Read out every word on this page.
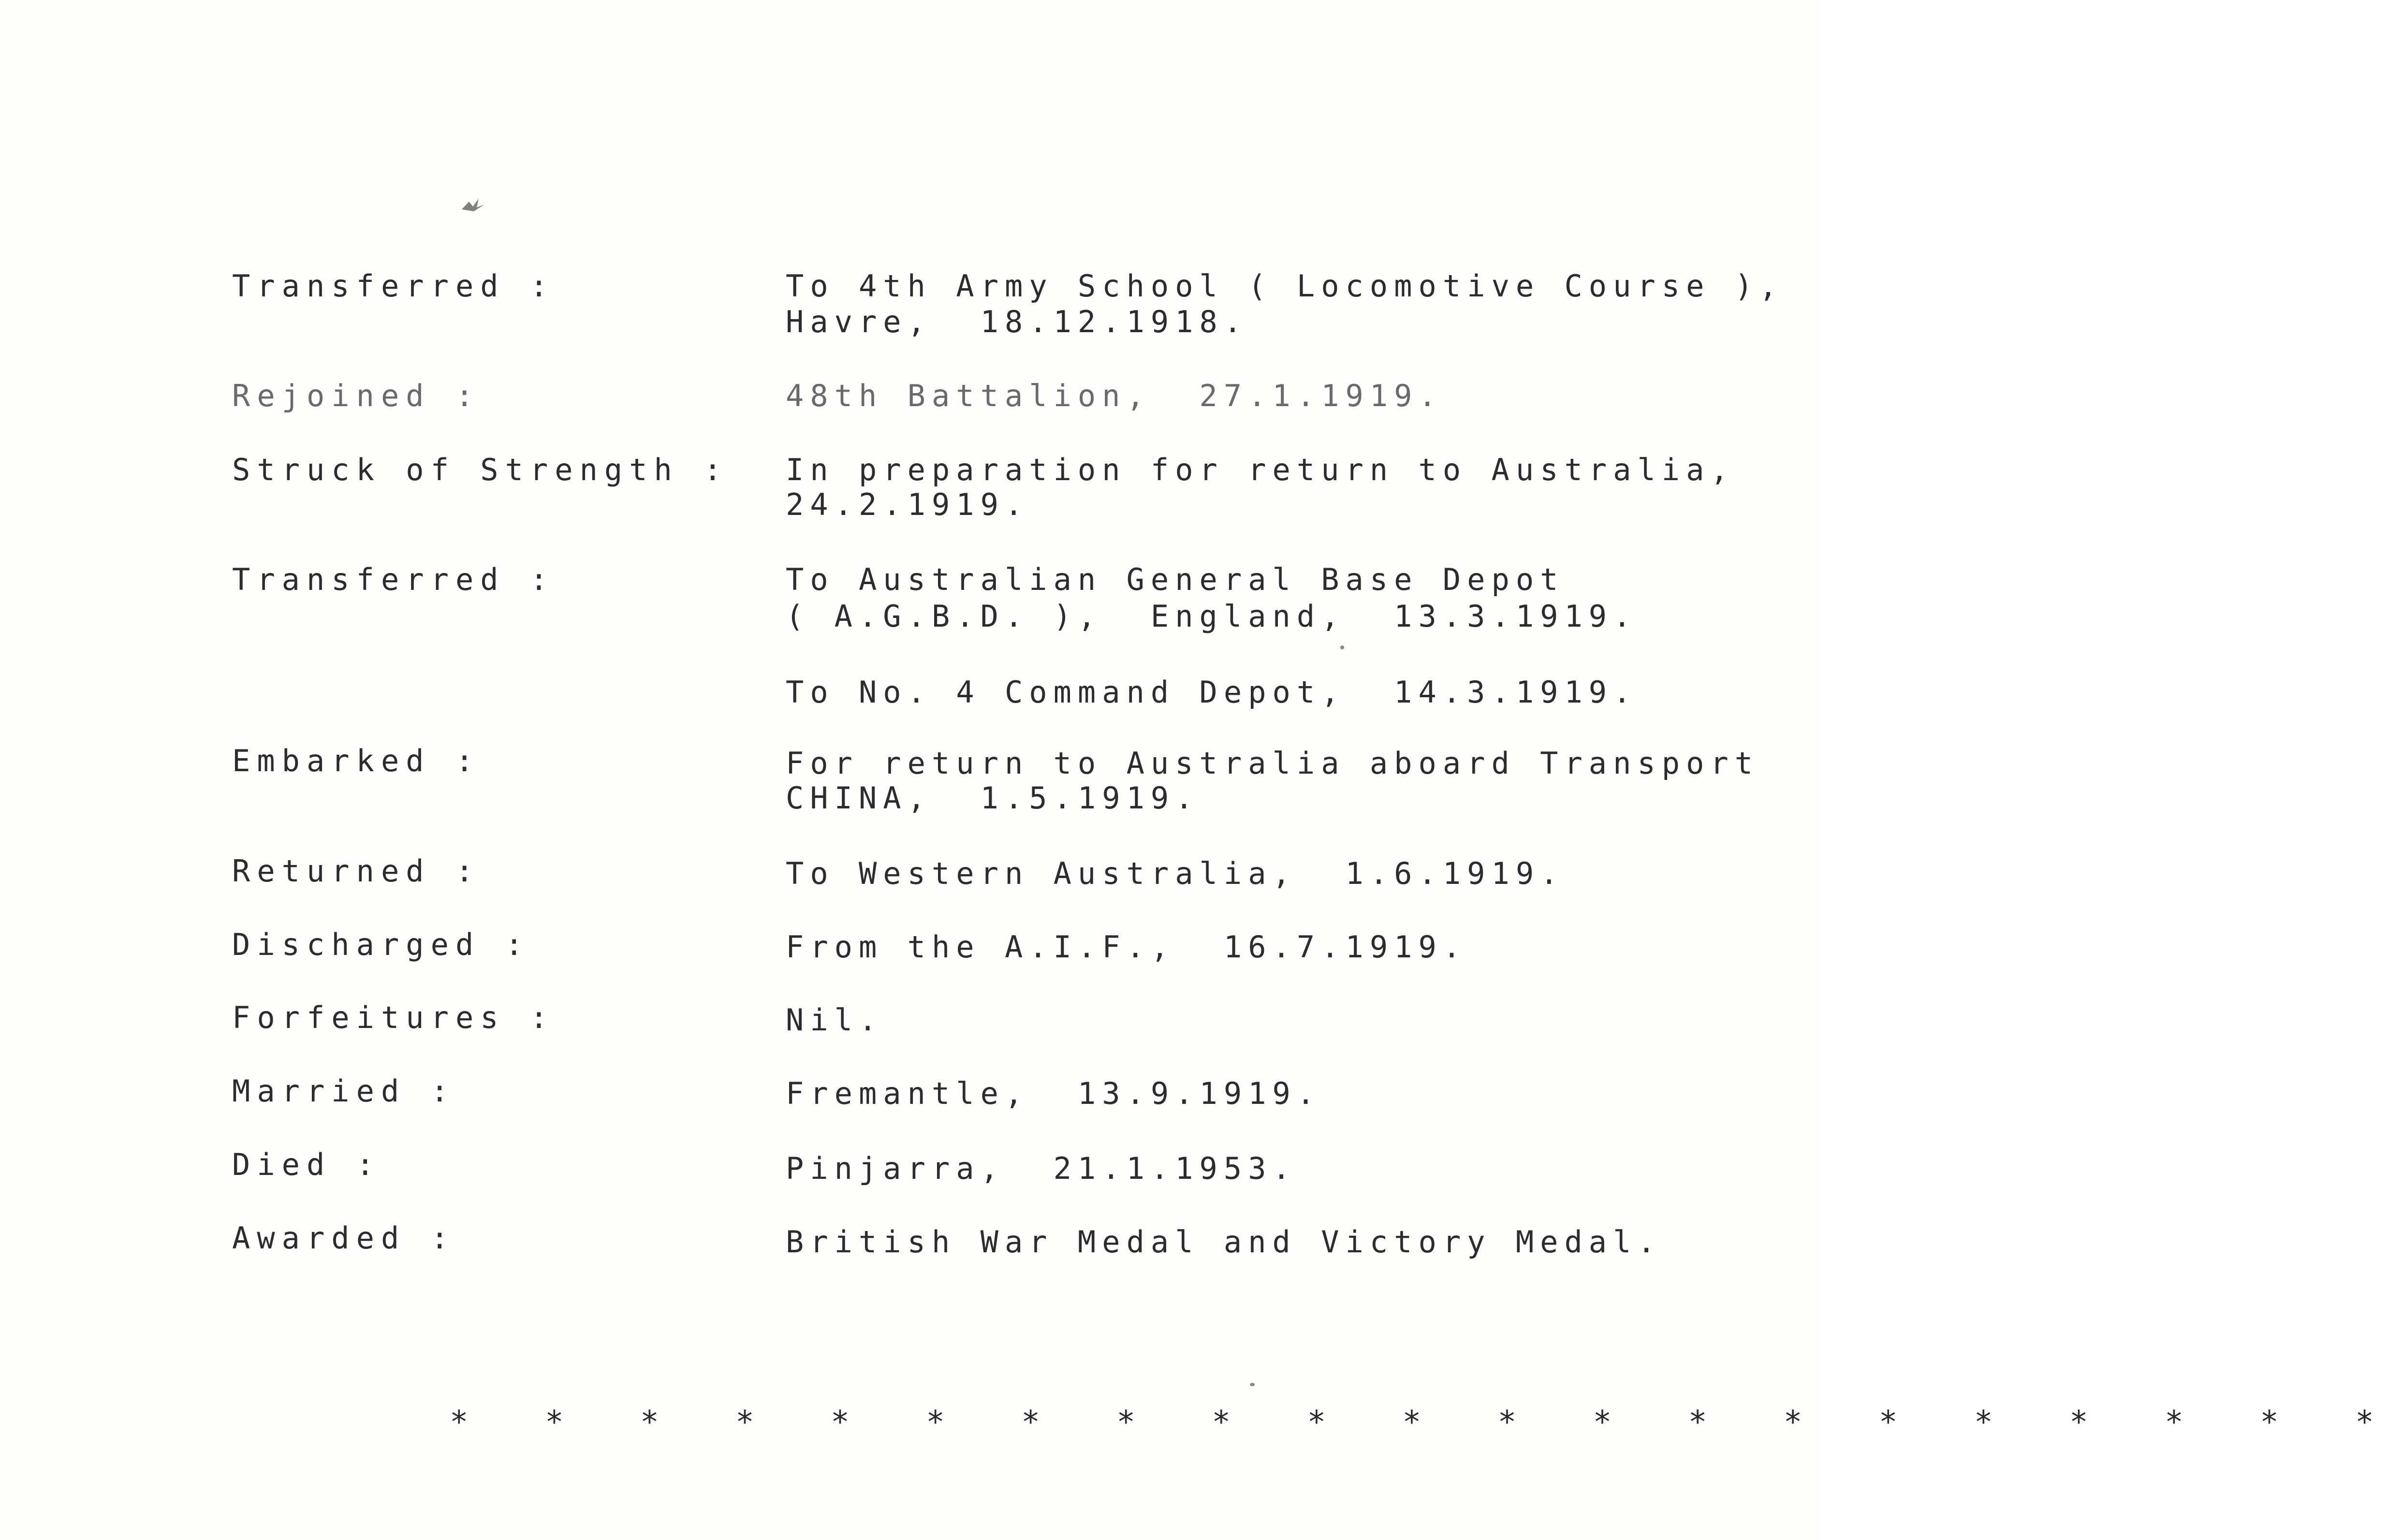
Transferred :	To 4th Army School ( Locomotive Course ),
Havre,  18.12.1918.
Rejoined :	48th Battalion,  27.1.1919.
Struck of Strength : In preparation for return to Australia,
24.2.1919.
Transferred :	To Australian General Base Depot
( A.G.B.D. ),  England,  13.3.1919.
To No. 4 Command Depot,  14.3.1919.
Embarked :	For return to Australia aboard Transport
CHINA,  1.5.1919.
Returned :	To Western Australia,  1.6.1919.
Discharged :	From the A.I.F.,  16.7.1919.
Forfeitures :	Nil.
Married :	Fremantle,  13.9.1919.
Died :	Pinjarra,  21.1.1953.
Awarded :	British War Medal and Victory Medal.
* * * * * * * * * * * * * * * * * * * * *
